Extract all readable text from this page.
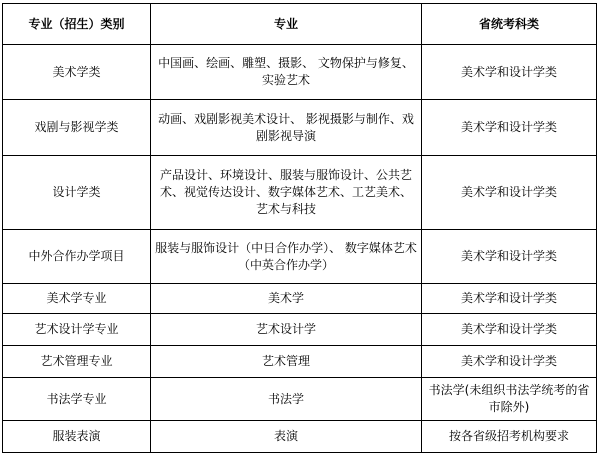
专业（招生）类别	专业	省统考科类
美术学类	中国画、绘画、雕塑、摄影、 文物保护与修复、实验艺术	美术学和设计学类
戏剧与影视学类	动画、戏剧影视美术设计、 影视摄影与制作、戏剧影视导演	美术学和设计学类
设计学类	产品设计、环境设计、服装与服饰设计、公共艺术、视觉传达设计、数字媒体艺术、工艺美术、艺术与科技	美术学和设计学类
中外合作办学项目	服装与服饰设计（中日合作办学）、 数字媒体艺术 （中英合作办学）	美术学和设计学类
美术学专业	美术学	美术学和设计学类
艺术设计学专业	艺术设计学	美术学和设计学类
艺术管理专业	艺术管理	美术学和设计学类
书法学专业	书法学	书法学(未组织书法学统考的省市除外)
服装表演	表演	按各省级招考机构要求
